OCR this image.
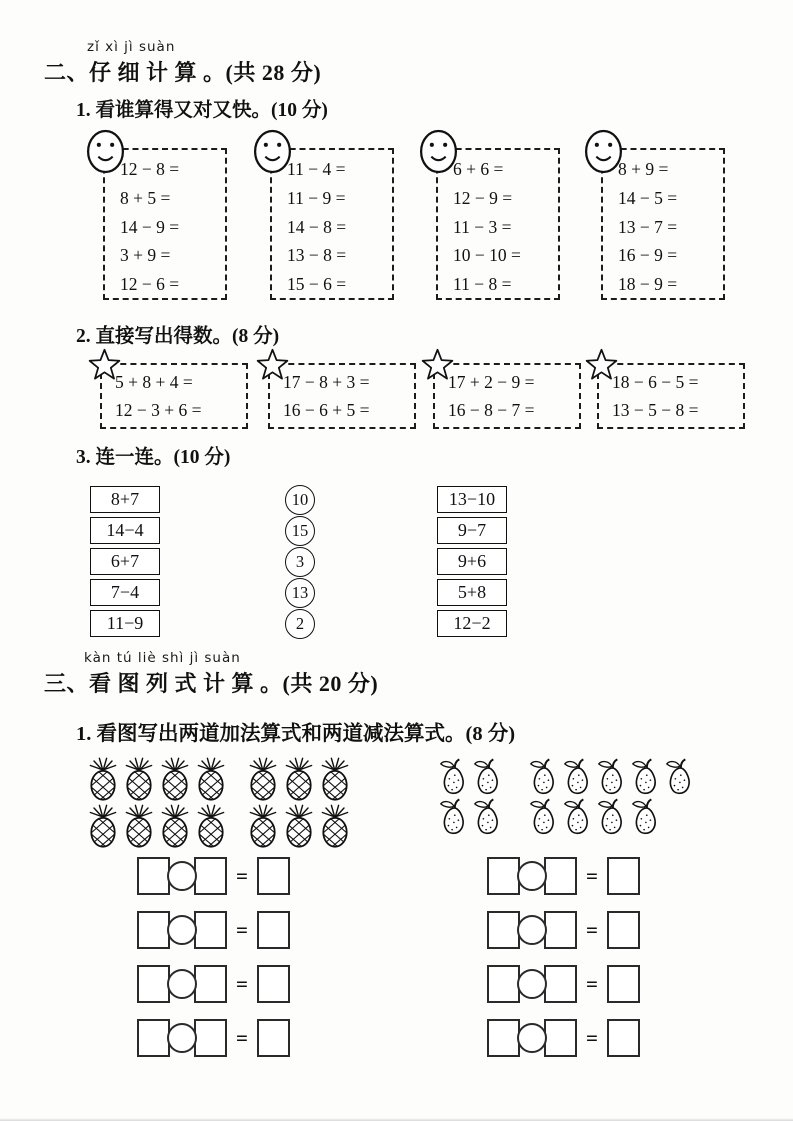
zǐ xì jì suàn
二、仔 细 计 算 。(共 28 分)
1. 看谁算得又对又快。(10 分)
12 − 8 =
8 + 5 =
14 − 9 =
3 + 9 =
12 − 6 =
11 − 4 =
11 − 9 =
14 − 8 =
13 − 8 =
15 − 6 =
6 + 6 =
12 − 9 =
11 − 3 =
10 − 10 =
11 − 8 =
8 + 9 =
14 − 5 =
13 − 7 =
16 − 9 =
18 − 9 =
2. 直接写出得数。(8 分)
5 + 8 + 4 =
12 − 3 + 6 =
17 − 8 + 3 =
16 − 6 + 5 =
17 + 2 − 9 =
16 − 8 − 7 =
18 − 6 − 5 =
13 − 5 − 8 =
3. 连一连。(10 分)
8+7
14−4
6+7
7−4
11−9
10
15
3
13
2
13−10
9−7
9+6
5+8
12−2
kàn tú liè shì jì suàn
三、看 图 列 式 计 算 。(共 20 分)
1. 看图写出两道加法算式和两道减法算式。(8 分)
=
=
=
=
=
=
=
=
